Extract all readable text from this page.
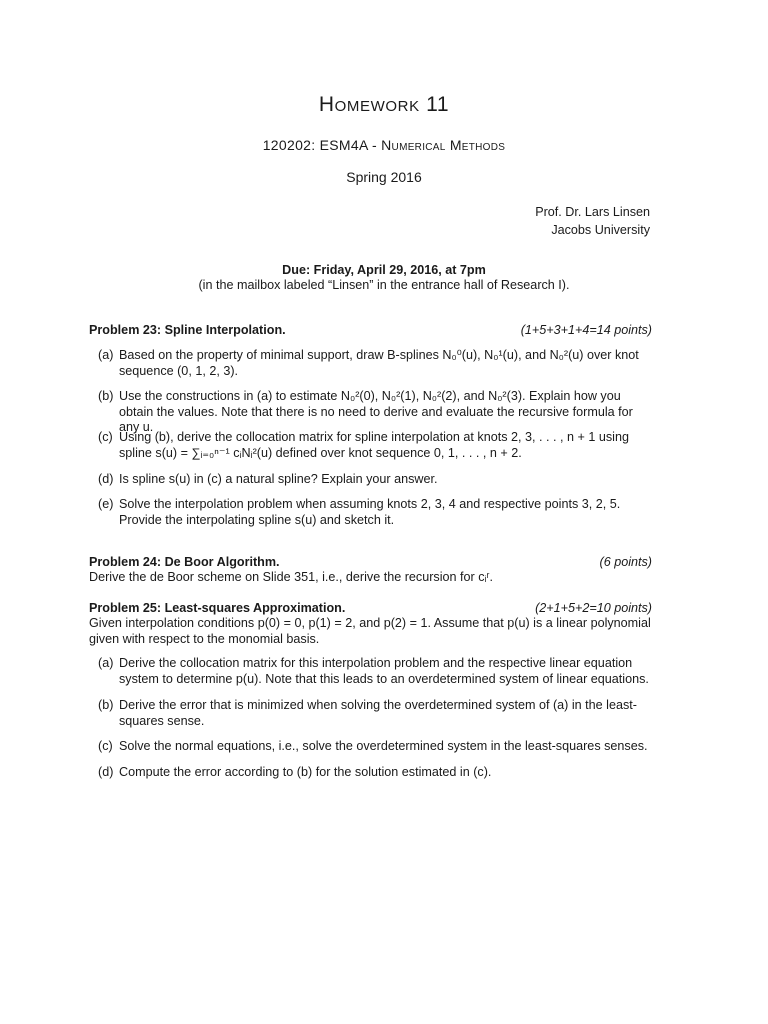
Homework 11
120202: ESM4A - Numerical Methods
Spring 2016
Prof. Dr. Lars Linsen
Jacobs University
Due: Friday, April 29, 2016, at 7pm
(in the mailbox labeled “Linsen” in the entrance hall of Research I).
Problem 23: Spline Interpolation.	(1+5+3+1+4=14 points)
(a) Based on the property of minimal support, draw B-splines N₀⁰(u), N₀¹(u), and N₀²(u) over knot sequence (0, 1, 2, 3).
(b) Use the constructions in (a) to estimate N₀²(0), N₀²(1), N₀²(2), and N₀²(3). Explain how you obtain the values. Note that there is no need to derive and evaluate the recursive formula for any u.
(c) Using (b), derive the collocation matrix for spline interpolation at knots 2, 3, . . . , n + 1 using spline s(u) = ∑ᵢ₌₀ⁿ⁻¹ cᵢNᵢ²(u) defined over knot sequence 0, 1, . . . , n + 2.
(d) Is spline s(u) in (c) a natural spline? Explain your answer.
(e) Solve the interpolation problem when assuming knots 2, 3, 4 and respective points 3, 2, 5. Provide the interpolating spline s(u) and sketch it.
Problem 24: De Boor Algorithm.	(6 points)
Derive the de Boor scheme on Slide 351, i.e., derive the recursion for cᵢʳ.
Problem 25: Least-squares Approximation.	(2+1+5+2=10 points)
Given interpolation conditions p(0) = 0, p(1) = 2, and p(2) = 1. Assume that p(u) is a linear polynomial given with respect to the monomial basis.
(a) Derive the collocation matrix for this interpolation problem and the respective linear equation system to determine p(u). Note that this leads to an overdetermined system of linear equations.
(b) Derive the error that is minimized when solving the overdetermined system of (a) in the least-squares sense.
(c) Solve the normal equations, i.e., solve the overdetermined system in the least-squares senses.
(d) Compute the error according to (b) for the solution estimated in (c).
